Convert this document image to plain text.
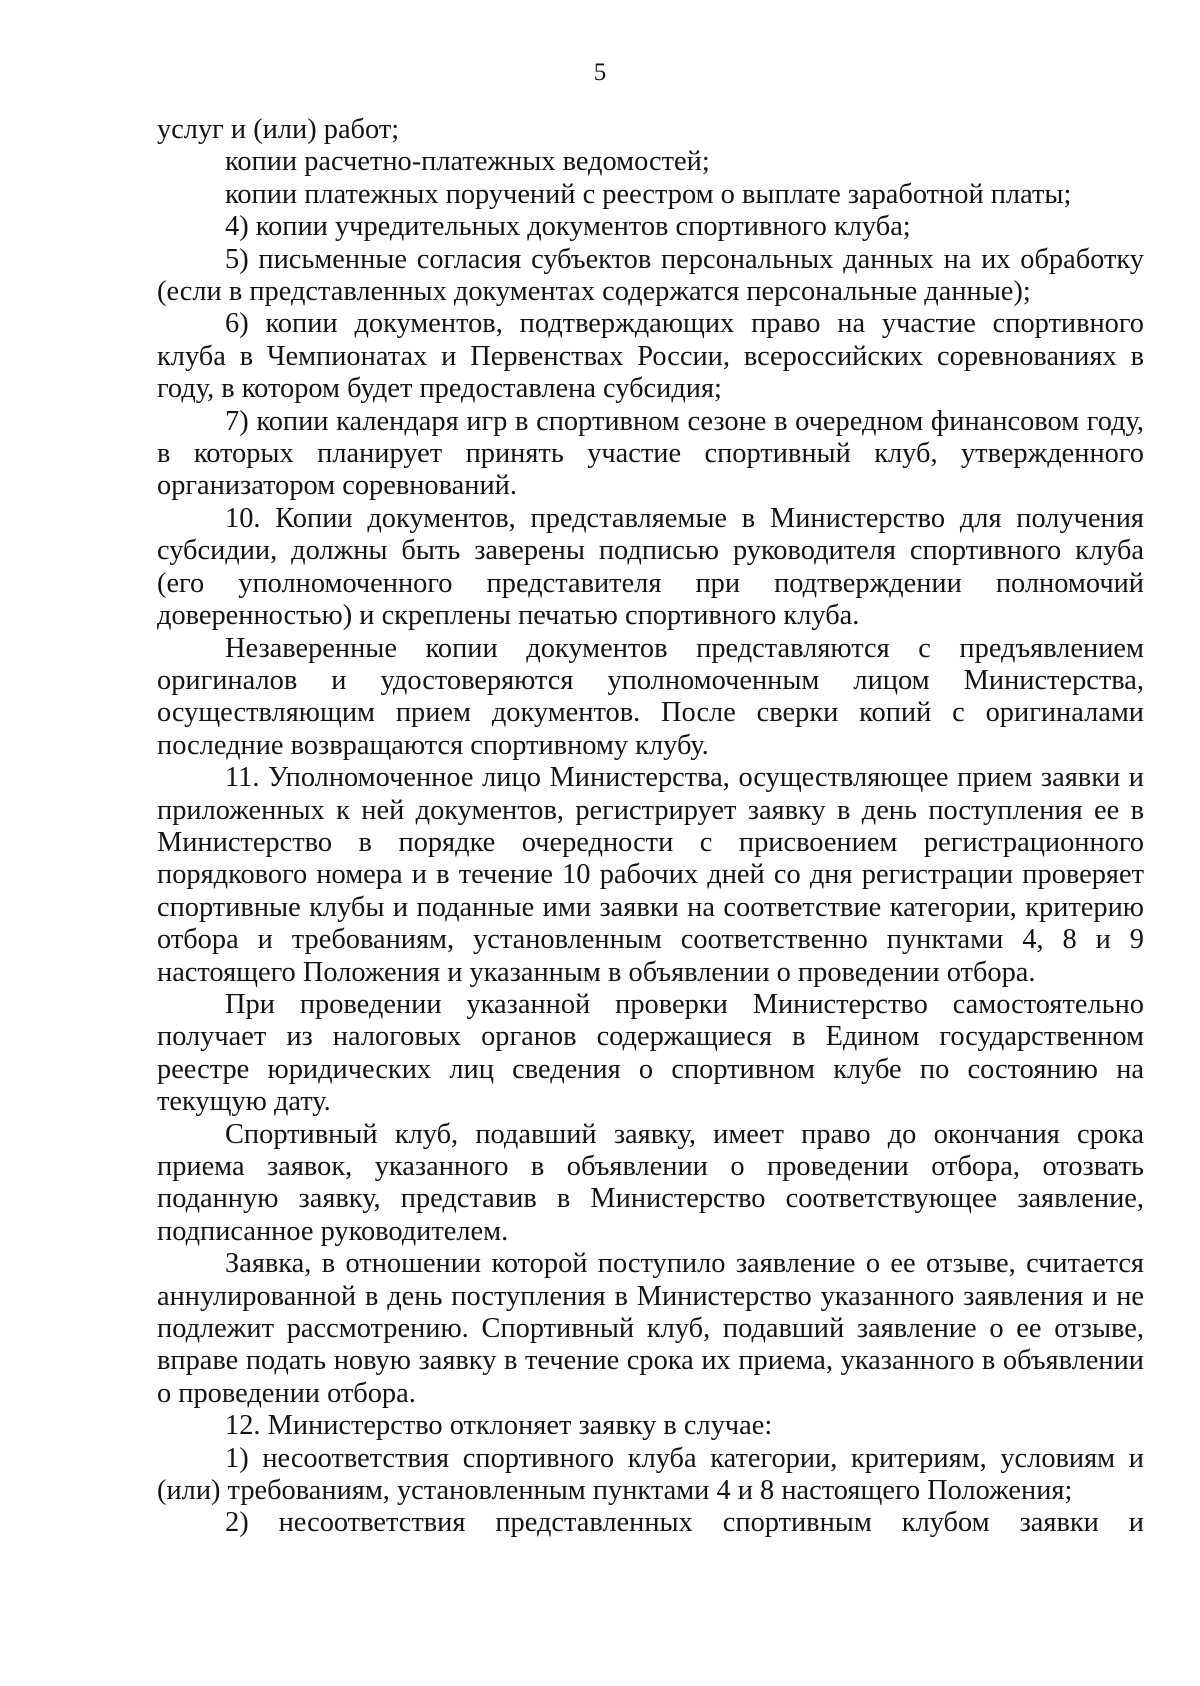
5

услуг и (или) работ;

копии расчетно-платежных ведомостей;

копии платежных поручений с реестром о выплате заработной платы;

4) копии учредительных документов спортивного клуба;

5) письменные согласия субъектов персональных данных на их обработку (если в представленных документах содержатся персональные данные);

6) копии документов, подтверждающих право на участие спортивного клуба в Чемпионатах и Первенствах России, всероссийских соревнованиях в году, в котором будет предоставлена субсидия;

7) копии календаря игр в спортивном сезоне в очередном финансовом году, в которых планирует принять участие спортивный клуб, утвержденного организатором соревнований.

10. Копии документов, представляемые в Министерство для получения субсидии, должны быть заверены подписью руководителя спортивного клуба (его уполномоченного представителя при подтверждении полномочий доверенностью) и скреплены печатью спортивного клуба.

Незаверенные копии документов представляются с предъявлением оригиналов и удостоверяются уполномоченным лицом Министерства, осуществляющим прием документов. После сверки копий с оригиналами последние возвращаются спортивному клубу.

11. Уполномоченное лицо Министерства, осуществляющее прием заявки и приложенных к ней документов, регистрирует заявку в день поступления ее в Министерство в порядке очередности с присвоением регистрационного порядкового номера и в течение 10 рабочих дней со дня регистрации проверяет спортивные клубы и поданные ими заявки на соответствие категории, критерию отбора и требованиям, установленным соответственно пунктами 4, 8 и 9 настоящего Положения и указанным в объявлении о проведении отбора.

При проведении указанной проверки Министерство самостоятельно получает из налоговых органов содержащиеся в Едином государственном реестре юридических лиц сведения о спортивном клубе по состоянию на текущую дату.

Спортивный клуб, подавший заявку, имеет право до окончания срока приема заявок, указанного в объявлении о проведении отбора, отозвать поданную заявку, представив в Министерство соответствующее заявление, подписанное руководителем.

Заявка, в отношении которой поступило заявление о ее отзыве, считается аннулированной в день поступления в Министерство указанного заявления и не подлежит рассмотрению. Спортивный клуб, подавший заявление о ее отзыве, вправе подать новую заявку в течение срока их приема, указанного в объявлении о проведении отбора.

12. Министерство отклоняет заявку в случае:

1) несоответствия спортивного клуба категории, критериям, условиям и (или) требованиям, установленным пунктами 4 и 8 настоящего Положения;

2) несоответствия представленных спортивным клубом заявки и
